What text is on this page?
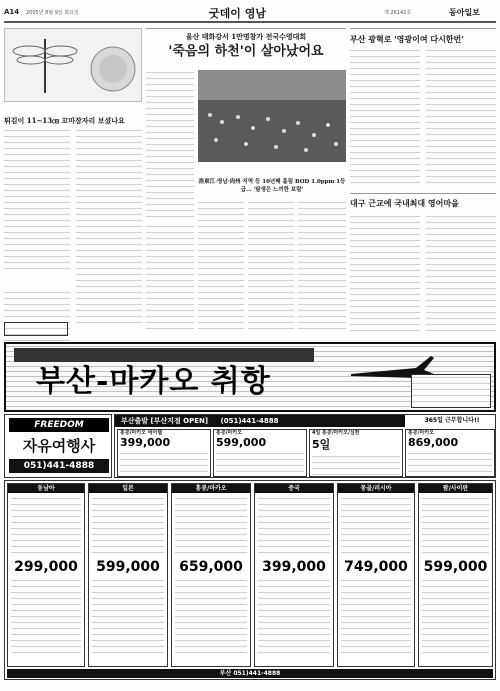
A14 2005년 8월 9일 화요일	굿데이 영남	제 26142호	동아일보
튀김이 11~13㎝ 꼬마잠자리 보셨나요
울산 태화강서 1만명참가 전국수영대회
'죽음의 하천'이 살아났어요
洛東江·영남·尙州 지역 등 10년째 홀림 BOD 1.0ppm 1등급… '탐생은 느끼한 보람'
부산 광혁로 '영광이여 다시한번'
대구 근교에 국내최대 영어마을
부산-마카오 취항
FREEDOM
자유여행사
051)441-4888
부산출발 [부산지점 OPEN] (051)441-4888	365일 근무합니다!!
홍콩/마카오 에어텔
399,000
홍콩/마카오
599,000
4일 홍콩/마카오/심천
5일
홍콩/마카오
869,000
동남아
299,000
일본
599,000
홍콩/마카오
659,000
중국
399,000
몽골/러시아
749,000
괌/사이판
599,000
부산 051)441-4888
